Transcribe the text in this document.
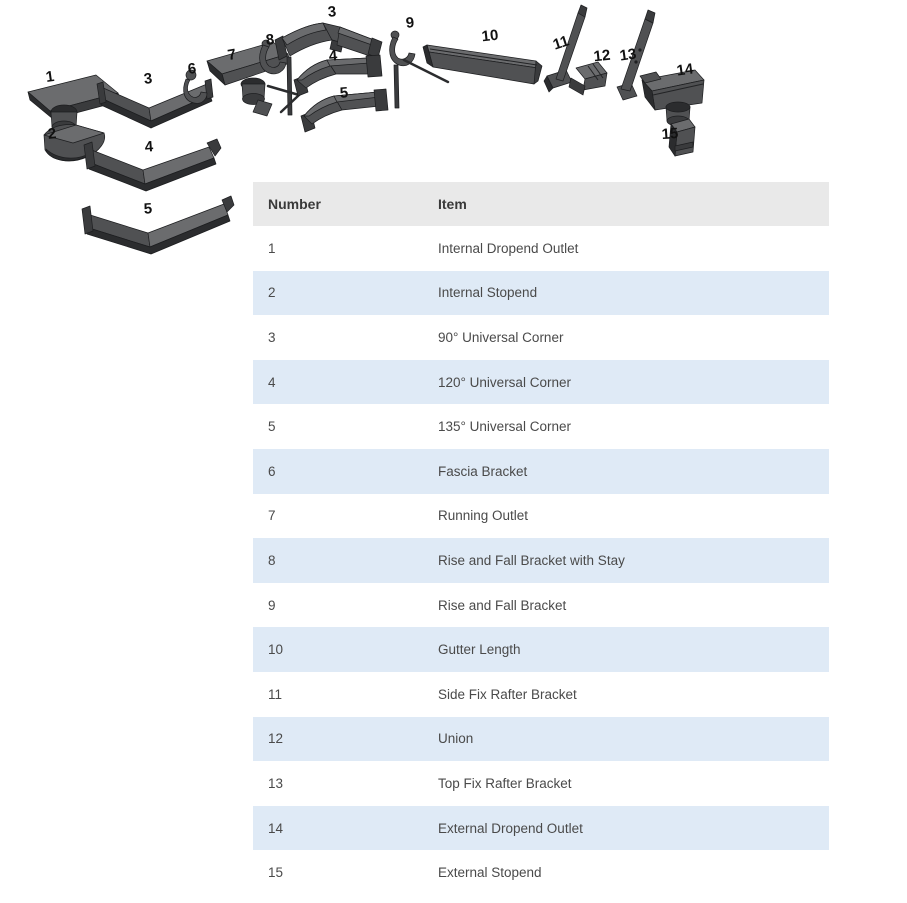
1
2
3
4
5
6
7
8
3
4
5
9
10	11
12 13
14
15
Number	Item
1	Internal Dropend Outlet
2	Internal Stopend
3	90° Universal Corner
4	120° Universal Corner
5	135° Universal Corner
6	Fascia Bracket
7	Running Outlet
8	Rise and Fall Bracket with Stay
9	Rise and Fall Bracket
10	Gutter Length
11	Side Fix Rafter Bracket
12	Union
13	Top Fix Rafter Bracket
14	External Dropend Outlet
15	External Stopend
